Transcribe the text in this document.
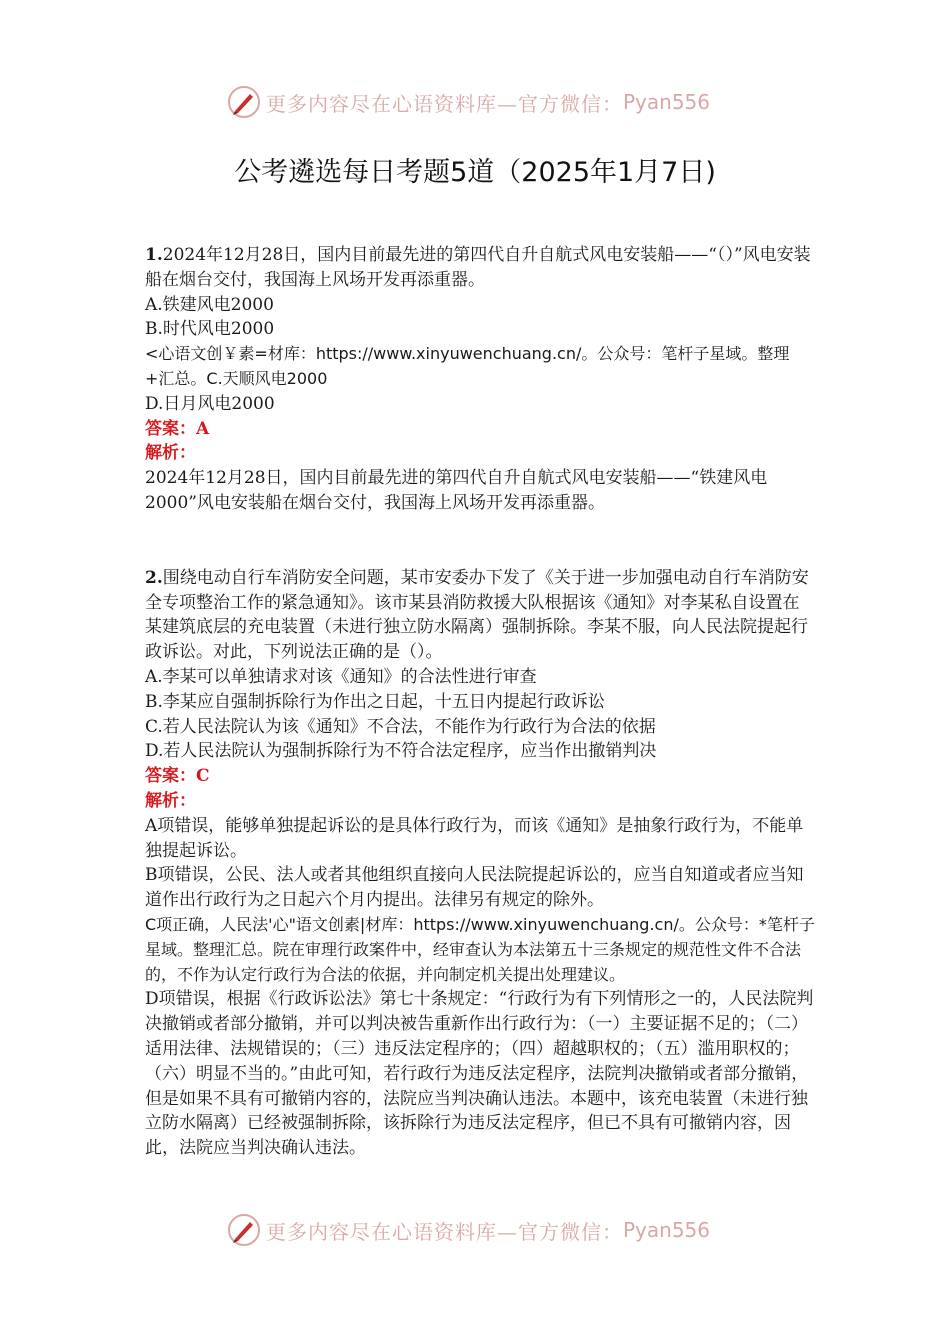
更多内容尽在心语资料库—官方微信： Pyan556
公考遴选每日考题5道（2025年1月7日)

1.2024年12月28日，国内目前最先进的第四代自升自航式风电安装船——“（）”风电安装船在烟台交付，我国海上风场开发再添重器。

A.铁建风电2000

B.时代风电2000

<心语文创￥素=材库：https://www.xinyuwenchuang.cn/。公众号：笔杆子星域。整理+汇总。C.天顺风电2000

D.日月风电2000

答案：A

解析：

2024年12月28日，国内目前最先进的第四代自升自航式风电安装船——“铁建风电2000”风电安装船在烟台交付，我国海上风场开发再添重器。

2.围绕电动自行车消防安全问题，某市安委办下发了《关于进一步加强电动自行车消防安全专项整治工作的紧急通知》。该市某县消防救援大队根据该《通知》对李某私自设置在某建筑底层的充电装置（未进行独立防水隔离）强制拆除。李某不服，向人民法院提起行政诉讼。对此，下列说法正确的是（）。

A.李某可以单独请求对该《通知》的合法性进行审查

B.李某应自强制拆除行为作出之日起，十五日内提起行政诉讼

C.若人民法院认为该《通知》不合法，不能作为行政行为合法的依据

D.若人民法院认为强制拆除行为不符合法定程序，应当作出撤销判决

答案：C

解析：

A项错误，能够单独提起诉讼的是具体行政行为，而该《通知》是抽象行政行为，不能单独提起诉讼。

B项错误，公民、法人或者其他组织直接向人民法院提起诉讼的，应当自知道或者应当知道作出行政行为之日起六个月内提出。法律另有规定的除外。

C项正确，人民法'心"语文创素|材库：https://www.xinyuwenchuang.cn/。公众号：*笔杆子星域。整理汇总。院在审理行政案件中，经审查认为本法第五十三条规定的规范性文件不合法的，不作为认定行政行为合法的依据，并向制定机关提出处理建议。

D项错误，根据《行政诉讼法》第七十条规定：“行政行为有下列情形之一的，人民法院判决撤销或者部分撤销，并可以判决被告重新作出行政行为：（一）主要证据不足的；（二）适用法律、法规错误的；（三）违反法定程序的；（四）超越职权的；（五）滥用职权的；（六）明显不当的。”由此可知，若行政行为违反法定程序，法院判决撤销或者部分撤销，但是如果不具有可撤销内容的，法院应当判决确认违法。本题中，该充电装置（未进行独立防水隔离）已经被强制拆除，该拆除行为违反法定程序，但已不具有可撤销内容，因此，法院应当判决确认违法。

更多内容尽在心语资料库—官方微信： Pyan556
